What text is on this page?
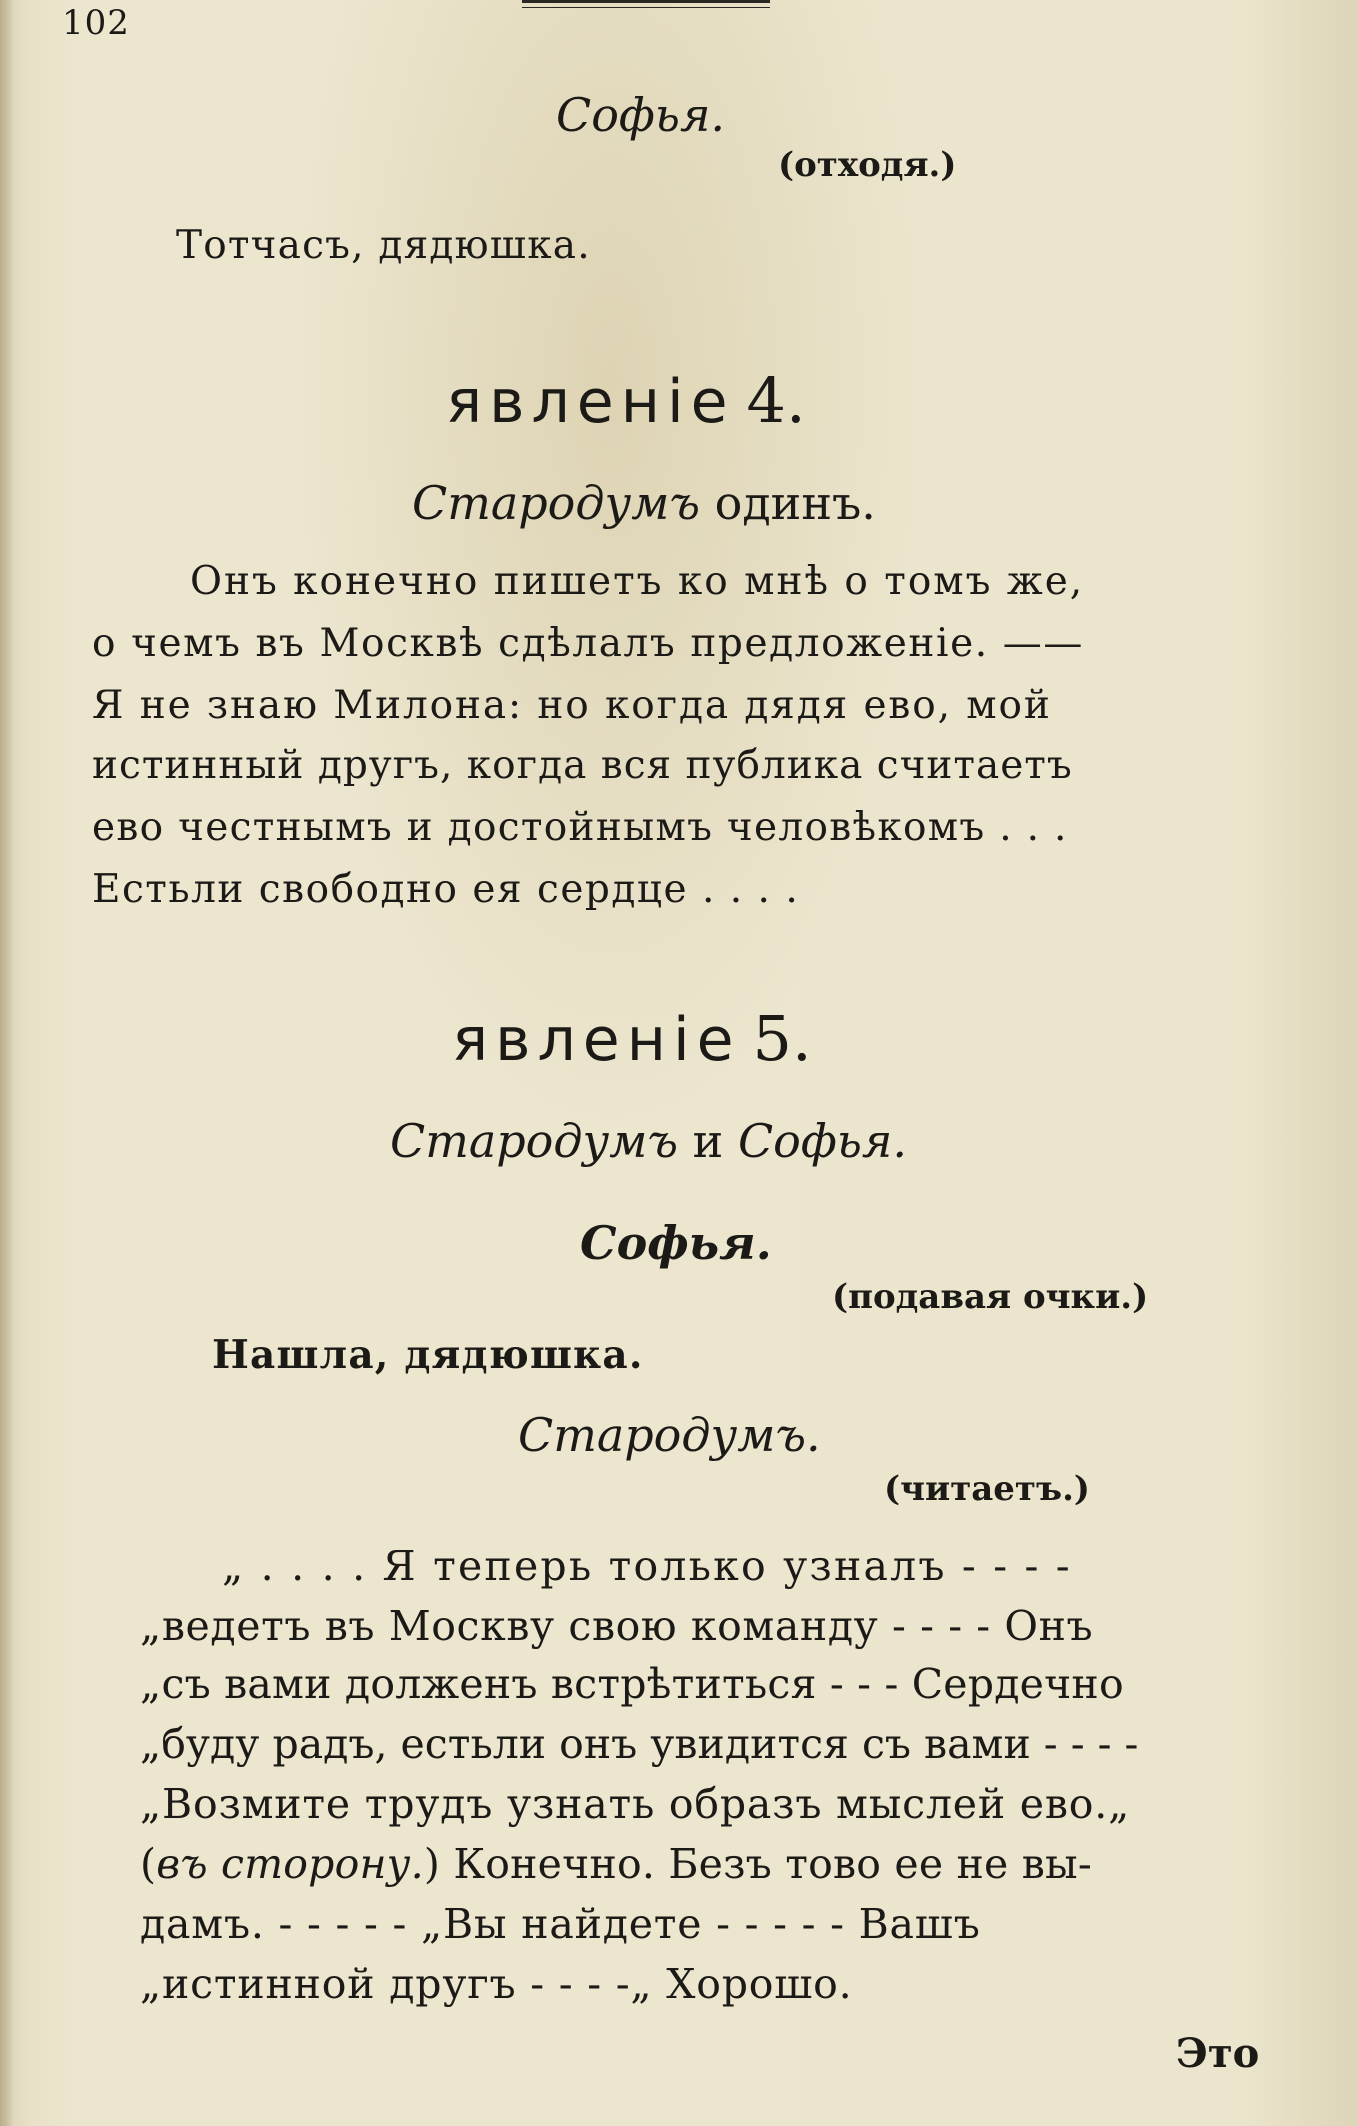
102
Софья.
(отходя.)
Тотчасъ, дядюшка.
явленіе 4.
Стародумъ одинъ.
Онъ конечно пишетъ ко мнѣ о томъ же,
о чемъ въ Москвѣ сдѣлалъ предложеніе. ——
Я не знаю Милона: но когда дядя ево, мой
истинный другъ, когда вся публика считаетъ
ево честнымъ и достойнымъ человѣкомъ . . .
Естьли свободно ея сердце . . . .
явленіе 5.
Стародумъ и Софья.
Софья.
(подавая очки.)
Нашла, дядюшка.
Стародумъ.
(читаетъ.)
„ . . . . Я теперь только узналъ - - - -
„ведетъ въ Москву свою команду - - - - Онъ
„съ вами долженъ встрѣтиться - - - Сердечно
„буду радъ, естьли онъ увидится съ вами - - - -
„Возмите трудъ узнать образъ мыслей ево.„
(въ сторону.) Конечно. Безъ тово ее не вы-
дамъ. - - - - - „Вы найдете - - - - - Вашъ
„истинной другъ - - - -„ Хорошо.
Это
